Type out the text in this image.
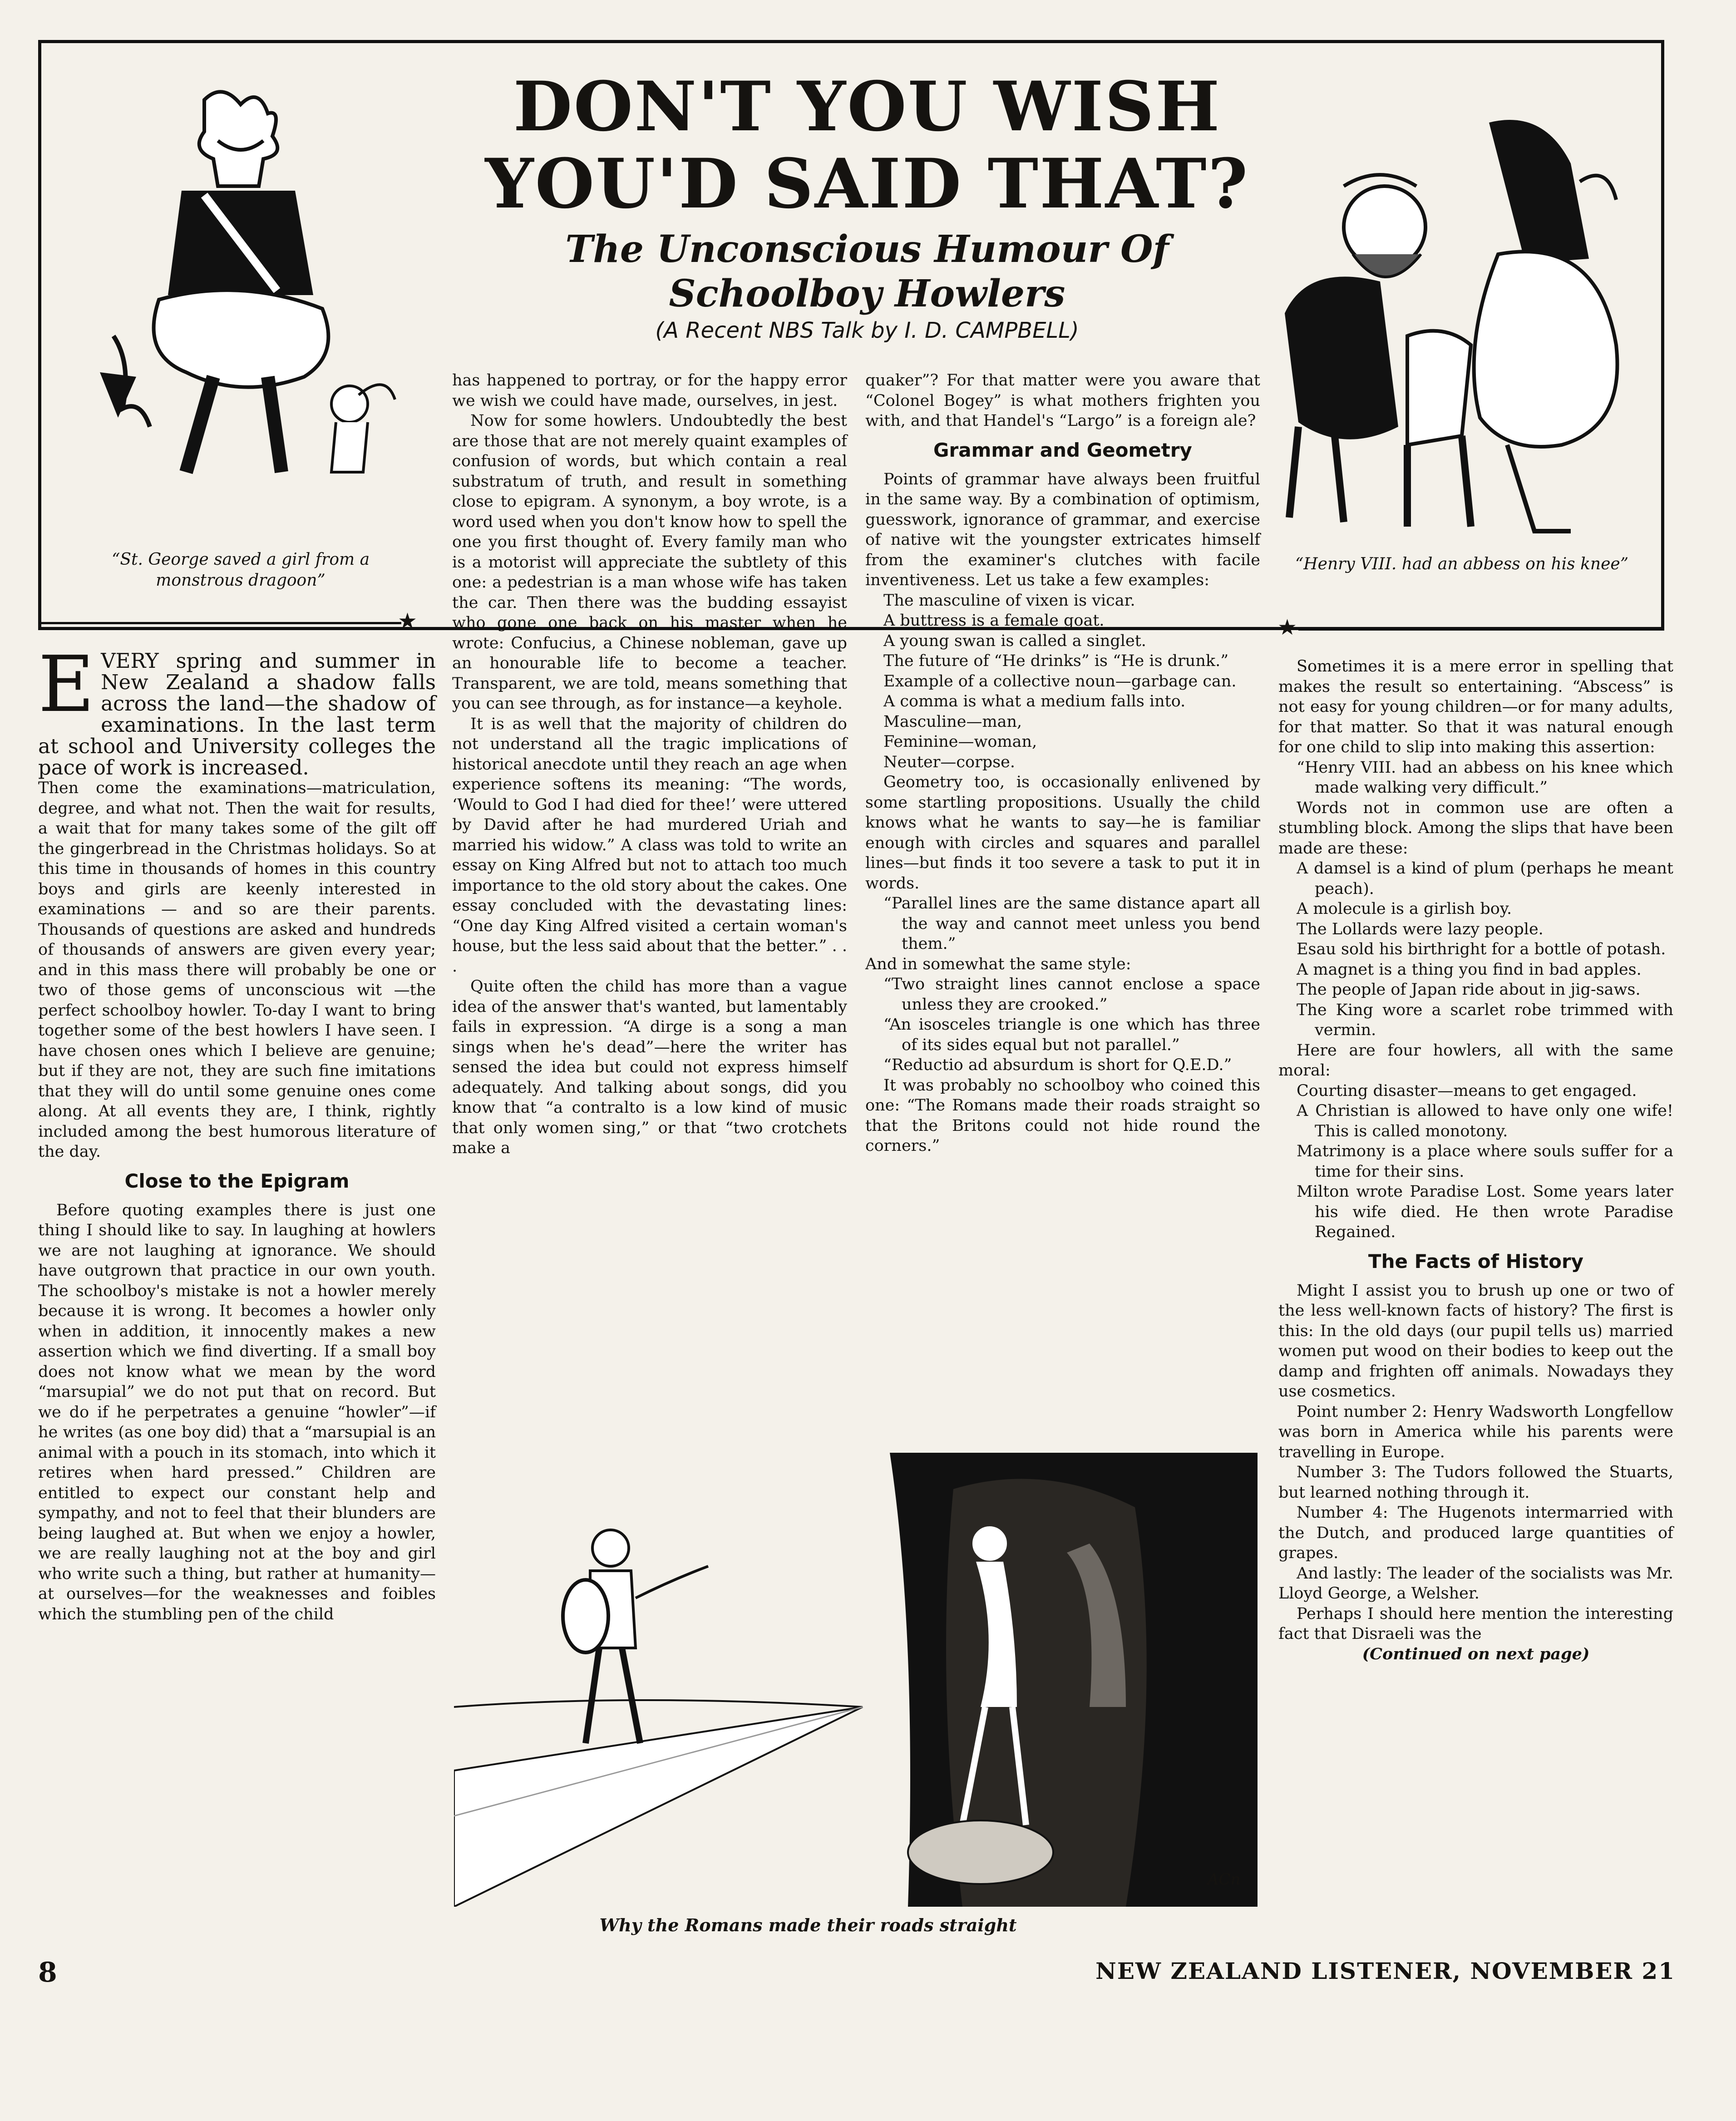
DON'T YOU WISH YOU'D SAID THAT?
The Unconscious Humour Of Schoolboy Howlers
(A Recent NBS Talk by I. D. CAMPBELL)
“St. George saved a girl from a monstrous dragoon”
“Henry VIII. had an abbess on his knee”
★	★

EVERY spring and summer in New Zealand a shadow falls across the land—the shadow of examinations. In the last term at school and University colleges the pace of work is increased.

Then come the examinations—matriculation, degree, and what not. Then the wait for results, a wait that for many takes some of the gilt off the gingerbread in the Christmas holidays. So at this time in thousands of homes in this country boys and girls are keenly interested in examinations — and so are their parents. Thousands of questions are asked and hundreds of thousands of answers are given every year; and in this mass there will probably be one or two of those gems of unconscious wit —the perfect schoolboy howler. To-day I want to bring together some of the best howlers I have seen. I have chosen ones which I believe are genuine; but if they are not, they are such fine imitations that they will do until some genuine ones come along. At all events they are, I think, rightly included among the best humorous literature of the day.

Close to the Epigram

Before quoting examples there is just one thing I should like to say. In laughing at howlers we are not laughing at ignorance. We should have outgrown that practice in our own youth. The schoolboy's mistake is not a howler merely because it is wrong. It becomes a howler only when in addition, it innocently makes a new assertion which we find diverting. If a small boy does not know what we mean by the word “marsupial” we do not put that on record. But we do if he perpetrates a genuine “howler”—if he writes (as one boy did) that a “marsupial is an animal with a pouch in its stomach, into which it retires when hard pressed.” Children are entitled to expect our constant help and sympathy, and not to feel that their blunders are being laughed at. But when we enjoy a howler, we are really laughing not at the boy and girl who write such a thing, but rather at humanity—at ourselves—for the weaknesses and foibles which the stumbling pen of the child

has happened to portray, or for the happy error we wish we could have made, ourselves, in jest.

Now for some howlers. Undoubtedly the best are those that are not merely quaint examples of confusion of words, but which contain a real substratum of truth, and result in something close to epigram. A synonym, a boy wrote, is a word used when you don't know how to spell the one you first thought of. Every family man who is a motorist will appreciate the subtlety of this one: a pedestrian is a man whose wife has taken the car. Then there was the budding essayist who gone one back on his master when he wrote: Confucius, a Chinese nobleman, gave up an honourable life to become a teacher. Transparent, we are told, means something that you can see through, as for instance—a keyhole.

It is as well that the majority of children do not understand all the tragic implications of historical anecdote until they reach an age when experience softens its meaning: “The words, ‘Would to God I had died for thee!’ were uttered by David after he had murdered Uriah and married his widow.” A class was told to write an essay on King Alfred but not to attach too much importance to the old story about the cakes. One essay concluded with the devastating lines: “One day King Alfred visited a certain woman's house, but the less said about that the better.” . . .

Quite often the child has more than a vague idea of the answer that's wanted, but lamentably fails in expression. “A dirge is a song a man sings when he's dead”—here the writer has sensed the idea but could not express himself adequately. And talking about songs, did you know that “a contralto is a low kind of music that only women sing,” or that “two crotchets make a

quaker”? For that matter were you aware that “Colonel Bogey” is what mothers frighten you with, and that Handel's “Largo” is a foreign ale?

Grammar and Geometry

Points of grammar have always been fruitful in the same way. By a combination of optimism, guesswork, ignorance of grammar, and exercise of native wit the youngster extricates himself from the examiner's clutches with facile inventiveness. Let us take a few examples:

The masculine of vixen is vicar.

A buttress is a female goat.

A young swan is called a singlet.

The future of “He drinks” is “He is drunk.”

Example of a collective noun—garbage can.

A comma is what a medium falls into.

Masculine—man,

Feminine—woman,

Neuter—corpse.

Geometry too, is occasionally enlivened by some startling propositions. Usually the child knows what he wants to say—he is familiar enough with circles and squares and parallel lines—but finds it too severe a task to put it in words.

“Parallel lines are the same distance apart all the way and cannot meet unless you bend them.”

And in somewhat the same style:

“Two straight lines cannot enclose a space unless they are crooked.”

“An isosceles triangle is one which has three of its sides equal but not parallel.”

“Reductio ad absurdum is short for Q.E.D.”

It was probably no schoolboy who coined this one: “The Romans made their roads straight so that the Britons could not hide round the corners.”

Sometimes it is a mere error in spelling that makes the result so entertaining. “Abscess” is not easy for young children—or for many adults, for that matter. So that it was natural enough for one child to slip into making this assertion:

“Henry VIII. had an abbess on his knee which made walking very difficult.”

Words not in common use are often a stumbling block. Among the slips that have been made are these:

A damsel is a kind of plum (perhaps he meant peach).

A molecule is a girlish boy.

The Lollards were lazy people.

Esau sold his birthright for a bottle of potash.

A magnet is a thing you find in bad apples.

The people of Japan ride about in jig-saws.

The King wore a scarlet robe trimmed with vermin.

Here are four howlers, all with the same moral:

Courting disaster—means to get engaged.

A Christian is allowed to have only one wife! This is called monotony.

Matrimony is a place where souls suffer for a time for their sins.

Milton wrote Paradise Lost. Some years later his wife died. He then wrote Paradise Regained.

The Facts of History

Might I assist you to brush up one or two of the less well-known facts of history? The first is this: In the old days (our pupil tells us) married women put wood on their bodies to keep out the damp and frighten off animals. Nowadays they use cosmetics.

Point number 2: Henry Wadsworth Longfellow was born in America while his parents were travelling in Europe.

Number 3: The Tudors followed the Stuarts, but learned nothing through it.

Number 4: The Hugenots intermarried with the Dutch, and produced large quantities of grapes.

And lastly: The leader of the socialists was Mr. Lloyd George, a Welsher.

Perhaps I should here mention the interesting fact that Disraeli was the

(Continued on next page)

ACn
Why the Romans made their roads straight
8	NEW ZEALAND LISTENER, NOVEMBER 21
